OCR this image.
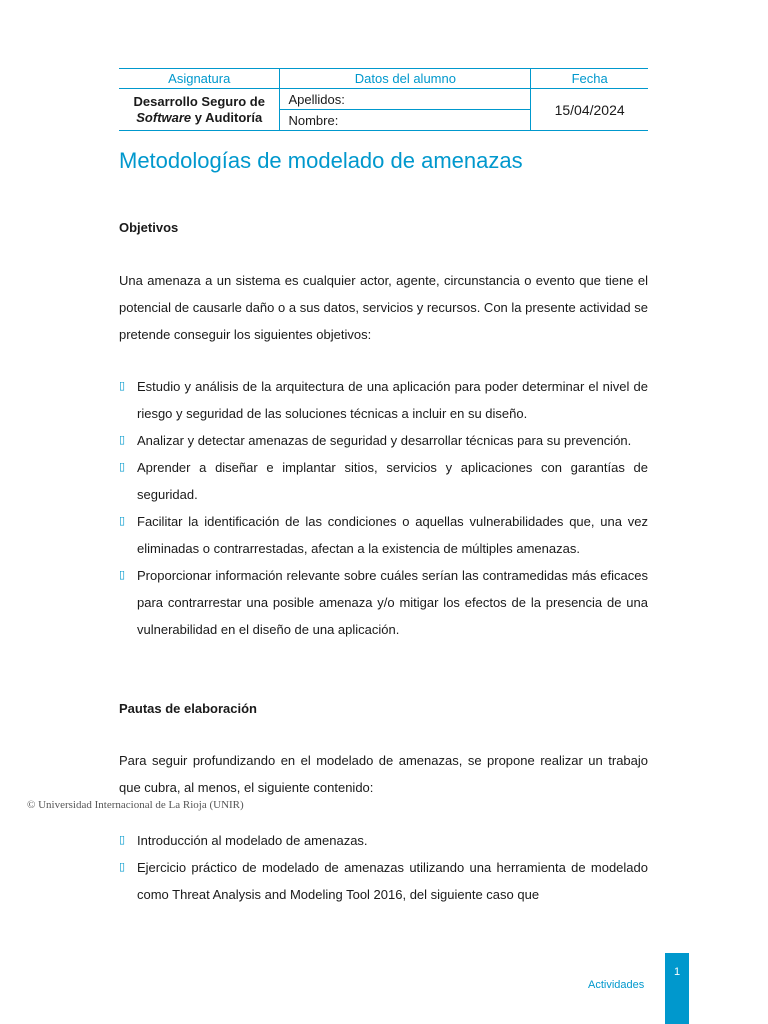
Asignatura	Datos del alumno	Fecha
Desarrollo Seguro de
Software y Auditoría	Apellidos:	15/04/2024
	Nombre:	
Metodologías de modelado de amenazas
Objetivos

Una amenaza a un sistema es cualquier actor, agente, circunstancia o evento que tiene el potencial de causarle daño o a sus datos, servicios y recursos. Con la presente actividad se pretende conseguir los siguientes objetivos:

▯ Estudio y análisis de la arquitectura de una aplicación para poder determinar el nivel de riesgo y seguridad de las soluciones técnicas a incluir en su diseño.
▯ Analizar y detectar amenazas de seguridad y desarrollar técnicas para su prevención.
▯ Aprender a diseñar e implantar sitios, servicios y aplicaciones con garantías de seguridad.
▯ Facilitar la identificación de las condiciones o aquellas vulnerabilidades que, una vez eliminadas o contrarrestadas, afectan a la existencia de múltiples amenazas.
▯ Proporcionar información relevante sobre cuáles serían las contramedidas más eficaces para contrarrestar una posible amenaza y/o mitigar los efectos de la presencia de una vulnerabilidad en el diseño de una aplicación.
Pautas de elaboración

Para seguir profundizando en el modelado de amenazas, se propone realizar un trabajo que cubra, al menos, el siguiente contenido:

© Universidad Internacional de La Rioja (UNIR)
▯ Introducción al modelado de amenazas.
▯ Ejercicio práctico de modelado de amenazas utilizando una herramienta de modelado como Threat Analysis and Modeling Tool 2016, del siguiente caso que
Actividades
1
